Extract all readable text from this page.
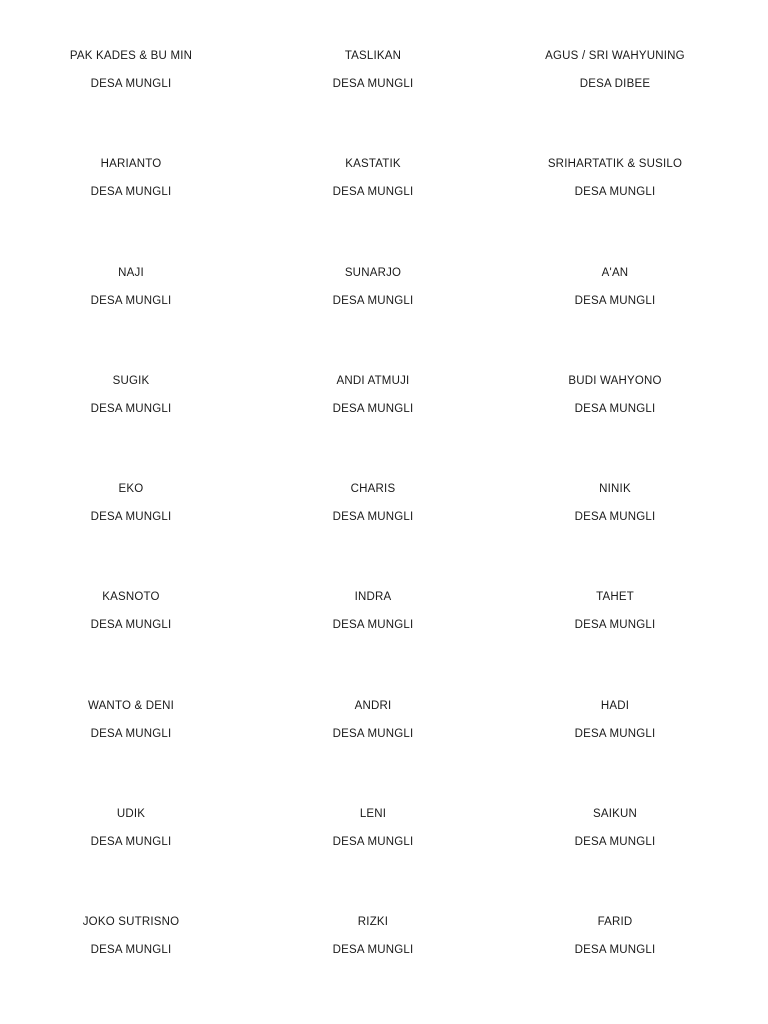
PAK KADES & BU MIN
DESA MUNGLI
TASLIKAN
DESA MUNGLI
AGUS / SRI WAHYUNING
DESA DIBEE
HARIANTO
DESA MUNGLI
KASTATIK
DESA MUNGLI
SRIHARTATIK & SUSILO
DESA MUNGLI
NAJI
DESA MUNGLI
SUNARJO
DESA MUNGLI
A'AN
DESA MUNGLI
SUGIK
DESA MUNGLI
ANDI ATMUJI
DESA MUNGLI
BUDI WAHYONO
DESA MUNGLI
EKO
DESA MUNGLI
CHARIS
DESA MUNGLI
NINIK
DESA MUNGLI
KASNOTO
DESA MUNGLI
INDRA
DESA MUNGLI
TAHET
DESA MUNGLI
WANTO & DENI
DESA MUNGLI
ANDRI
DESA MUNGLI
HADI
DESA MUNGLI
UDIK
DESA MUNGLI
LENI
DESA MUNGLI
SAIKUN
DESA MUNGLI
JOKO SUTRISNO
DESA MUNGLI
RIZKI
DESA MUNGLI
FARID
DESA MUNGLI
